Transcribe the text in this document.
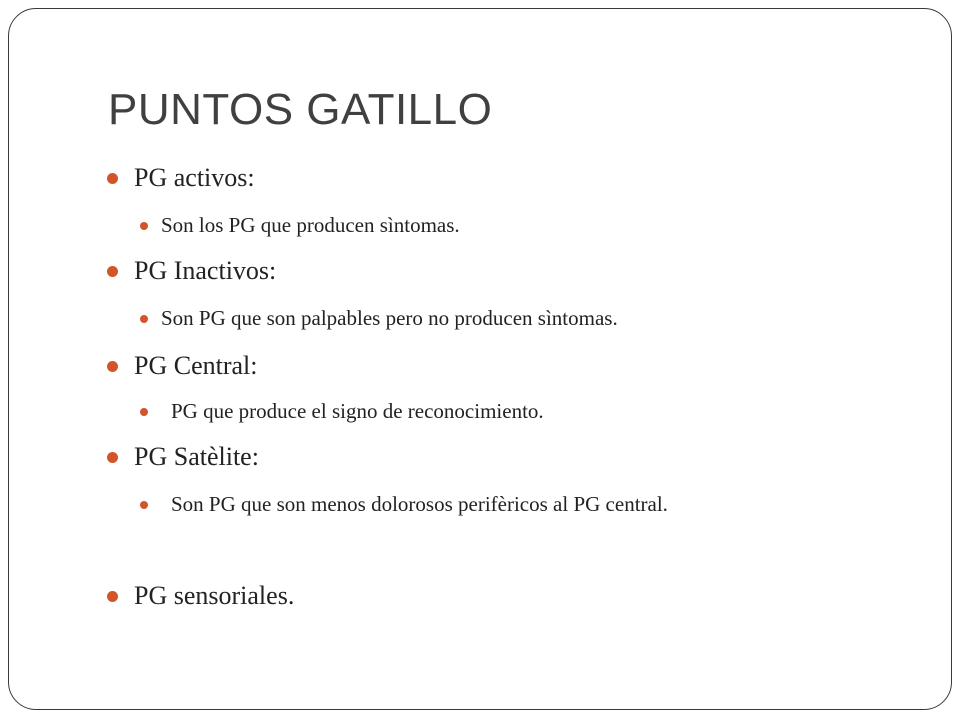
PUNTOS GATILLO
PG activos:
Son los PG que producen sìntomas.
PG Inactivos:
Son PG que son palpables pero no producen sìntomas.
PG Central:
PG que produce el signo de reconocimiento.
PG Satèlite:
Son PG que son menos dolorosos perifèricos al PG central.
PG sensoriales.
